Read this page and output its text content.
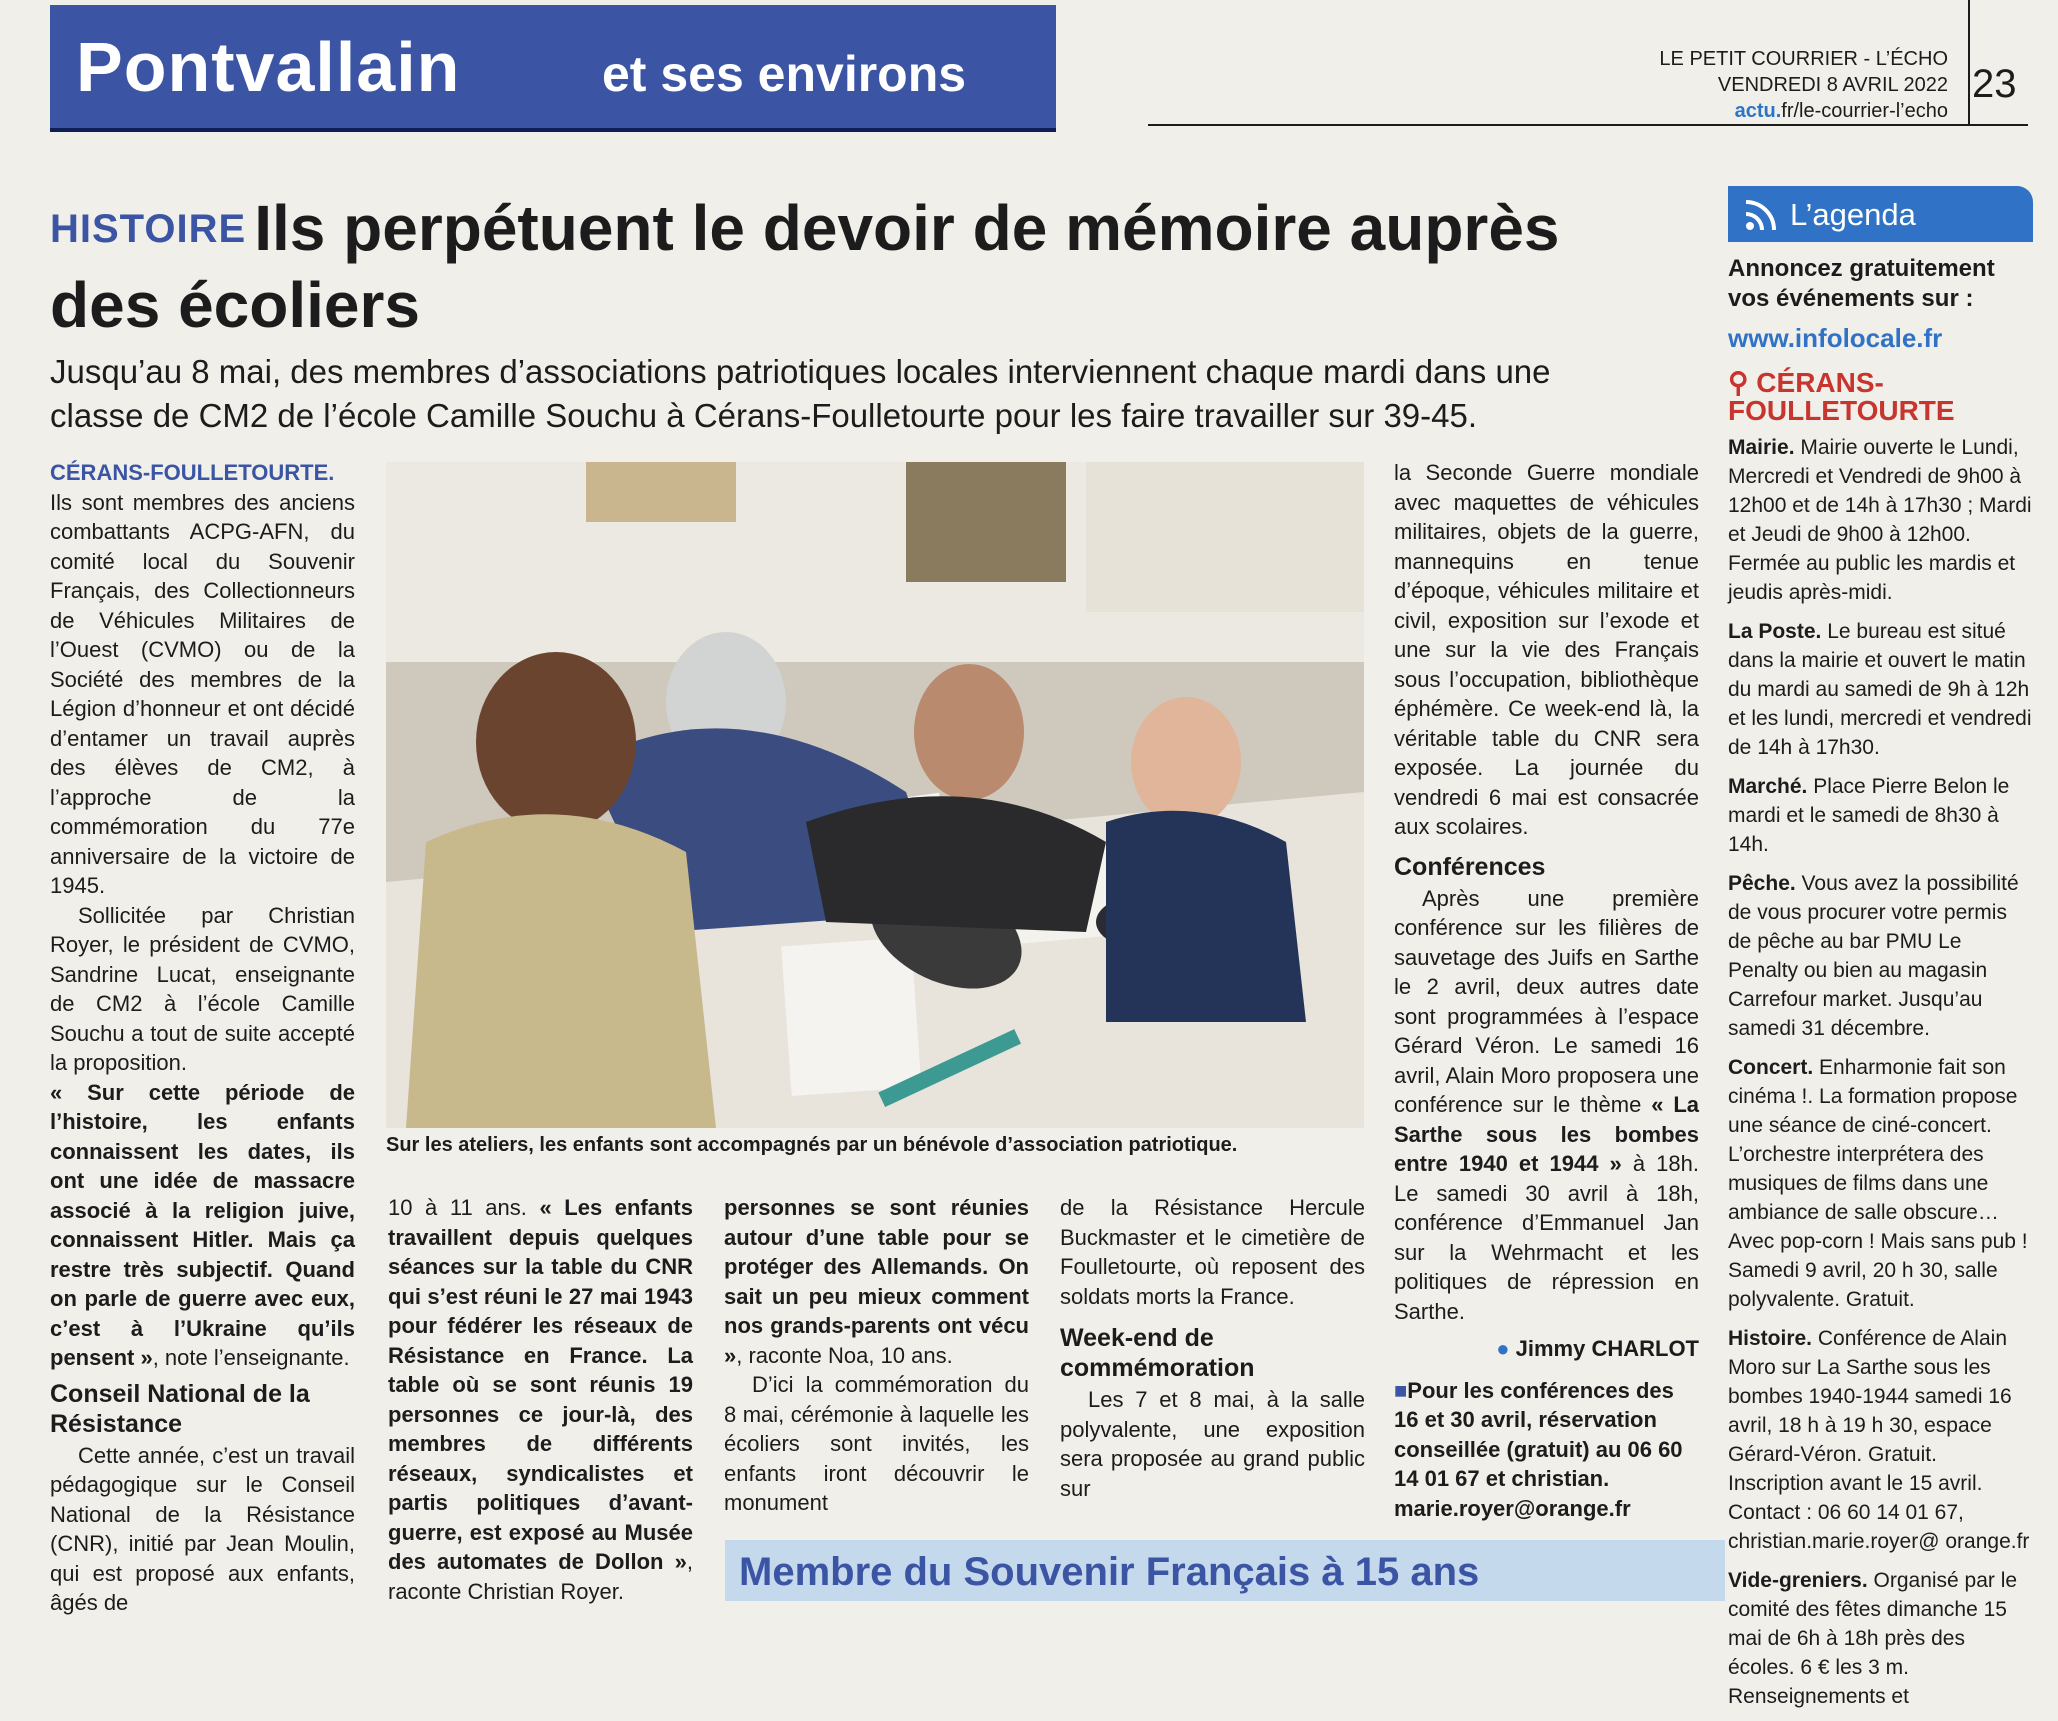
Pontvallain	et ses environs	LE PETIT COURRIER - L’ÉCHO
VENDREDI 8 AVRIL 2022
actu.fr/le-courrier-l’echo
23
HISTOIRE Ils perpétuent le devoir de mémoire auprès des écoliers
Jusqu’au 8 mai, des membres d’associations patriotiques locales interviennent chaque mardi dans une classe de CM2 de l’école Camille Souchu à Cérans-Foulletourte pour les faire travailler sur 39-45.

CÉRANS-FOULLETOURTE. Ils sont membres des anciens combattants ACPG-AFN, du comité local du Souvenir Français, des Collectionneurs de Véhicules Militaires de l’Ouest (CVMO) ou de la Société des membres de la Légion d’honneur et ont décidé d’entamer un travail auprès des élèves de CM2, à l’approche de la commémoration du 77e anniversaire de la victoire de 1945.

Sollicitée par Christian Royer, le président de CVMO, Sandrine Lucat, enseignante de CM2 à l’école Camille Souchu a tout de suite accepté la proposition.

« Sur cette période de l’histoire, les enfants connaissent les dates, ils ont une idée de massacre associé à la religion juive, connaissent Hitler. Mais ça restre très subjectif. Quand on parle de guerre avec eux, c’est à l’Ukraine qu’ils pensent », note l’enseignante.

Conseil National de la Résistance

Cette année, c’est un travail pédagogique sur le Conseil National de la Résistance (CNR), initié par Jean Moulin, qui est proposé aux enfants, âgés de

Sur les ateliers, les enfants sont accompagnés par un bénévole d’association patriotique.

10 à 11 ans. « Les enfants travaillent depuis quelques séances sur la table du CNR qui s’est réuni le 27 mai 1943 pour fédérer les réseaux de Résistance en France. La table où se sont réunis 19 personnes ce jour-là, des membres de différents réseaux, syndicalistes et partis politiques d’avant-guerre, est exposé au Musée des automates de Dollon », raconte Christian Royer.

personnes se sont réunies autour d’une table pour se protéger des Allemands. On sait un peu mieux comment nos grands-parents ont vécu », raconte Noa, 10 ans.

D’ici la commémoration du 8 mai, cérémonie à laquelle les écoliers sont invités, les enfants iront découvrir le monument

de la Résistance Hercule Buckmaster et le cimetière de Foulletourte, où reposent des soldats morts la France.

Week-end de commémoration

Les 7 et 8 mai, à la salle polyvalente, une exposition sera proposée au grand public sur

la Seconde Guerre mondiale avec maquettes de véhicules militaires, objets de la guerre, mannequins en tenue d’époque, véhicules militaire et civil, exposition sur l’exode et une sur la vie des Français sous l’occupation, bibliothèque éphémère. Ce week-end là, la véritable table du CNR sera exposée. La journée du vendredi 6 mai est consacrée aux scolaires.

Conférences

Après une première conférence sur les filières de sauvetage des Juifs en Sarthe le 2 avril, deux autres date sont programmées à l’espace Gérard Véron. Le samedi 16 avril, Alain Moro proposera une conférence sur le thème « La Sarthe sous les bombes entre 1940 et 1944 » à 18h. Le samedi 30 avril à 18h, conférence d’Emmanuel Jan sur la Wehrmacht et les politiques de répression en Sarthe.

● Jimmy CHARLOT

■Pour les conférences des 16 et 30 avril, réservation conseillée (gratuit) au 06 60 14 01 67 et christian. marie.royer@orange.fr

L’agenda

Annoncez gratuitement vos événements sur :

www.infolocale.fr

⚲ CÉRANS-FOULLETOURTE

Mairie. Mairie ouverte le Lundi, Mercredi et Vendredi de 9h00 à 12h00 et de 14h à 17h30 ; Mardi et Jeudi de 9h00 à 12h00. Fermée au public les mardis et jeudis après-midi.

La Poste. Le bureau est situé dans la mairie et ouvert le matin du mardi au samedi de 9h à 12h et les lundi, mercredi et vendredi de 14h à 17h30.

Marché. Place Pierre Belon le mardi et le samedi de 8h30 à 14h.

Pêche. Vous avez la possibilité de vous procurer votre permis de pêche au bar PMU Le Penalty ou bien au magasin Carrefour market. Jusqu’au samedi 31 décembre.

Concert. Enharmonie fait son cinéma !. La formation propose une séance de ciné-concert. L’orchestre interprétera des musiques de films dans une ambiance de salle obscure… Avec pop-corn ! Mais sans pub ! Samedi 9 avril, 20 h 30, salle polyvalente. Gratuit.

Histoire. Conférence de Alain Moro sur La Sarthe sous les bombes 1940-1944 samedi 16 avril, 18 h à 19 h 30, espace Gérard-Véron. Gratuit. Inscription avant le 15 avril. Contact : 06 60 14 01 67, christian.marie.royer@ orange.fr

Vide-greniers. Organisé par le comité des fêtes dimanche 15 mai de 6h à 18h près des écoles. 6 € les 3 m. Renseignements et

Membre du Souvenir Français à 15 ans
